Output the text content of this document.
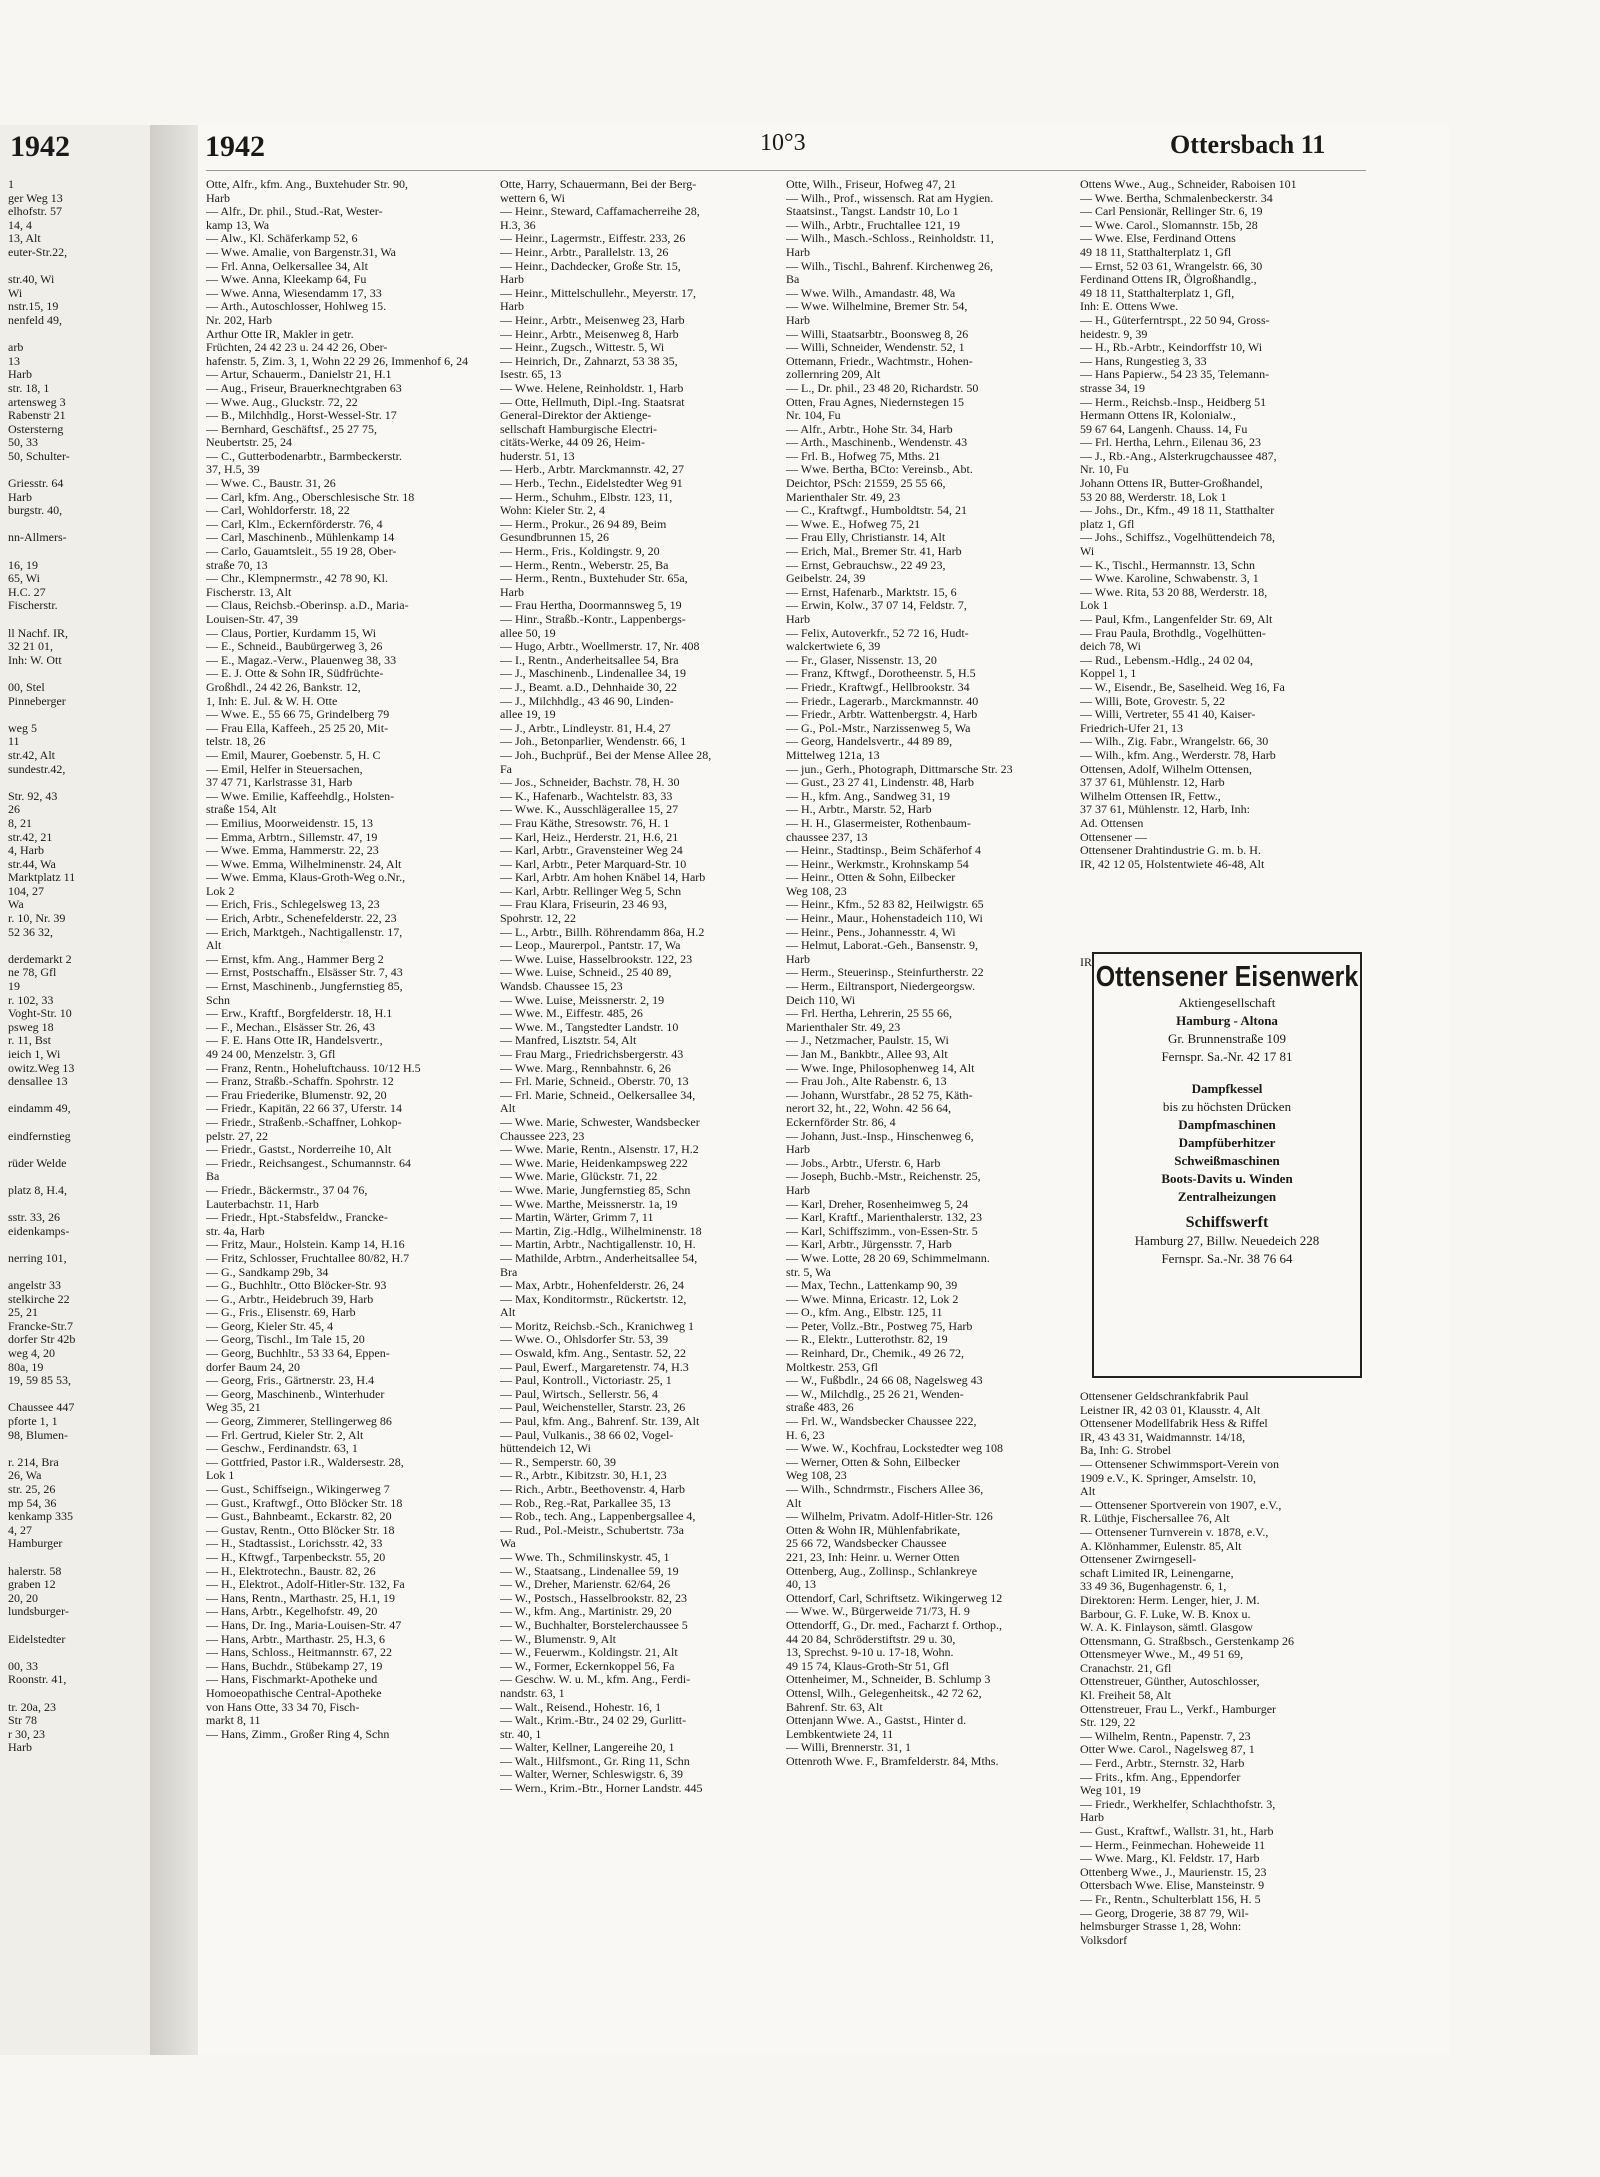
1942	1942	10°3	Ottersbach 11
1
ger Weg 13
elhofstr. 57
14, 4
13, Alt
euter-Str.22,

str.40, Wi
Wi
nstr.15, 19
nenfeld 49,

arb
13
Harb
str. 18, 1
artensweg 3
Rabenstr 21
Ostersterng
50, 33
50, Schulter-

Griesstr. 64
Harb
burgstr. 40,

nn-Allmers-

16, 19
65, Wi
H.C. 27
Fischerstr.

ll Nachf. IR,
32 21 01,
Inh: W. Ott

00, Stel
Pinneberger

weg 5
11
str.42, Alt
sundestr.42,

Str. 92, 43
26
8, 21
str.42, 21
4, Harb
str.44, Wa
Marktplatz 11
104, 27
Wa
r. 10, Nr. 39
52 36 32,

derdemarkt 2
ne 78, Gfl
19
r. 102, 33
Voght-Str. 10
psweg 18
r. 11, Bst
ieich 1, Wi
owitz.Weg 13
densallee 13

eindamm 49,

eindfernstieg

rüder Welde

platz 8, H.4,

sstr. 33, 26
eidenkamps-

nerring 101,

angelstr 33
stelkirche 22
25, 21
Francke-Str.7
dorfer Str 42b
weg 4, 20
80a, 19
19, 59 85 53,

Chaussee 447
pforte 1, 1
98, Blumen-

r. 214, Bra
26, Wa
str. 25, 26
mp 54, 36
kenkamp 335
4, 27
Hamburger

halerstr. 58
graben 12
20, 20
lundsburger-

Eidelstedter

00, 33
Roonstr. 41,

tr. 20a, 23
Str 78
r 30, 23
Harb
Otte, Alfr., kfm. Ang., Buxtehuder Str. 90,
Harb
— Alfr., Dr. phil., Stud.-Rat, Wester-
kamp 13, Wa
— Alw., Kl. Schäferkamp 52, 6
— Wwe. Amalie, von Bargenstr.31, Wa
— Frl. Anna, Oelkersallee 34, Alt
— Wwe. Anna, Kleekamp 64, Fu
— Wwe. Anna, Wiesendamm 17, 33
— Arth., Autoschlosser, Hohlweg 15.
Nr. 202, Harb
Arthur Otte IR, Makler in getr.
Früchten, 24 42 23 u. 24 42 26, Ober-
hafenstr. 5, Zim. 3, 1, Wohn 22 29 26, Immenhof 6, 24
— Artur, Schauerm., Danielstr 21, H.1
— Aug., Friseur, Brauerknechtgraben 63
— Wwe. Aug., Gluckstr. 72, 22
— B., Milchhdlg., Horst-Wessel-Str. 17
— Bernhard, Geschäftsf., 25 27 75,
Neubertstr. 25, 24
— C., Gutterbodenarbtr., Barmbeckerstr.
37, H.5, 39
— Wwe. C., Baustr. 31, 26
— Carl, kfm. Ang., Oberschlesische Str. 18
— Carl, Wohldorferstr. 18, 22
— Carl, Klm., Eckernförderstr. 76, 4
— Carl, Maschinenb., Mühlenkamp 14
— Carlo, Gauamtsleit., 55 19 28, Ober-
straße 70, 13
— Chr., Klempnermstr., 42 78 90, Kl.
Fischerstr. 13, Alt
— Claus, Reichsb.-Oberinsp. a.D., Maria-
Louisen-Str. 47, 39
— Claus, Portier, Kurdamm 15, Wi
— E., Schneid., Baubürgerweg 3, 26
— E., Magaz.-Verw., Plauenweg 38, 33
— E. J. Otte & Sohn IR, Südfrüchte-
Großhdl., 24 42 26, Bankstr. 12,
1, Inh: E. Jul. & W. H. Otte
— Wwe. E., 55 66 75, Grindelberg 79
— Frau Ella, Kaffeeh., 25 25 20, Mit-
telstr. 18, 26
— Emil, Maurer, Goebenstr. 5, H. C
— Emil, Helfer in Steuersachen,
37 47 71, Karlstrasse 31, Harb
— Wwe. Emilie, Kaffeehdlg., Holsten-
straße 154, Alt
— Emilius, Moorweidenstr. 15, 13
— Emma, Arbtrn., Sillemstr. 47, 19
— Wwe. Emma, Hammerstr. 22, 23
— Wwe. Emma, Wilhelminenstr. 24, Alt
— Wwe. Emma, Klaus-Groth-Weg o.Nr.,
Lok 2
— Erich, Fris., Schlegelsweg 13, 23
— Erich, Arbtr., Schenefelderstr. 22, 23
— Erich, Marktgeh., Nachtigallenstr. 17,
Alt
— Ernst, kfm. Ang., Hammer Berg 2
— Ernst, Postschaffn., Elsässer Str. 7, 43
— Ernst, Maschinenb., Jungfernstieg 85,
Schn
— Erw., Kraftf., Borgfelderstr. 18, H.1
— F., Mechan., Elsässer Str. 26, 43
— F. E. Hans Otte IR, Handelsvertr.,
49 24 00, Menzelstr. 3, Gfl
— Franz, Rentn., Hoheluftchauss. 10/12 H.5
— Franz, Straßb.-Schaffn. Spohrstr. 12
— Frau Friederike, Blumenstr. 92, 20
— Friedr., Kapitän, 22 66 37, Uferstr. 14
— Friedr., Straßenb.-Schaffner, Lohkop-
pelstr. 27, 22
— Friedr., Gastst., Norderreihe 10, Alt
— Friedr., Reichsangest., Schumannstr. 64
Ba
— Friedr., Bäckermstr., 37 04 76,
Lauterbachstr. 11, Harb
— Friedr., Hpt.-Stabsfeldw., Francke-
str. 4a, Harb
— Fritz, Maur., Holstein. Kamp 14, H.16
— Fritz, Schlosser, Fruchtallee 80/82, H.7
— G., Sandkamp 29b, 34
— G., Buchhltr., Otto Blöcker-Str. 93
— G., Arbtr., Heidebruch 39, Harb
— G., Fris., Elisenstr. 69, Harb
— Georg, Kieler Str. 45, 4
— Georg, Tischl., Im Tale 15, 20
— Georg, Buchhltr., 53 33 64, Eppen-
dorfer Baum 24, 20
— Georg, Fris., Gärtnerstr. 23, H.4
— Georg, Maschinenb., Winterhuder
Weg 35, 21
— Georg, Zimmerer, Stellingerweg 86
— Frl. Gertrud, Kieler Str. 2, Alt
— Geschw., Ferdinandstr. 63, 1
— Gottfried, Pastor i.R., Waldersestr. 28,
Lok 1
— Gust., Schiffseign., Wikingerweg 7
— Gust., Kraftwgf., Otto Blöcker Str. 18
— Gust., Bahnbeamt., Eckarstr. 82, 20
— Gustav, Rentn., Otto Blöcker Str. 18
— H., Stadtassist., Lorichsstr. 42, 33
— H., Kftwgf., Tarpenbeckstr. 55, 20
— H., Elektrotechn., Baustr. 82, 26
— H., Elektrot., Adolf-Hitler-Str. 132, Fa
— Hans, Rentn., Marthastr. 25, H.1, 19
— Hans, Arbtr., Kegelhofstr. 49, 20
— Hans, Dr. Ing., Maria-Louisen-Str. 47
— Hans, Arbtr., Marthastr. 25, H.3, 6
— Hans, Schloss., Heitmannstr. 67, 22
— Hans, Buchdr., Stübekamp 27, 19
— Hans, Fischmarkt-Apotheke und
Homoeopathische Central-Apotheke
von Hans Otte, 33 34 70, Fisch-
markt 8, 11
— Hans, Zimm., Großer Ring 4, Schn
Otte, Harry, Schauermann, Bei der Berg-
wettern 6, Wi
— Heinr., Steward, Caffamacherreihe 28,
H.3, 36
— Heinr., Lagermstr., Eiffestr. 233, 26
— Heinr., Arbtr., Parallelstr. 13, 26
— Heinr., Dachdecker, Große Str. 15,
Harb
— Heinr., Mittelschullehr., Meyerstr. 17,
Harb
— Heinr., Arbtr., Meisenweg 23, Harb
— Heinr., Arbtr., Meisenweg 8, Harb
— Heinr., Zugsch., Wittestr. 5, Wi
— Heinrich, Dr., Zahnarzt, 53 38 35,
Isestr. 65, 13
— Wwe. Helene, Reinholdstr. 1, Harb
— Otte, Hellmuth, Dipl.-Ing. Staatsrat
General-Direktor der Aktienge-
sellschaft Hamburgische Electri-
citäts-Werke, 44 09 26, Heim-
huderstr. 51, 13
— Herb., Arbtr. Marckmannstr. 42, 27
— Herb., Techn., Eidelstedter Weg 91
— Herm., Schuhm., Elbstr. 123, 11,
Wohn: Kieler Str. 2, 4
— Herm., Prokur., 26 94 89, Beim
Gesundbrunnen 15, 26
— Herm., Fris., Koldingstr. 9, 20
— Herm., Rentn., Weberstr. 25, Ba
— Herm., Rentn., Buxtehuder Str. 65a,
Harb
— Frau Hertha, Doormannsweg 5, 19
— Hinr., Straßb.-Kontr., Lappenbergs-
allee 50, 19
— Hugo, Arbtr., Woellmerstr. 17, Nr. 408
— I., Rentn., Anderheitsallee 54, Bra
— J., Maschinenb., Lindenallee 34, 19
— J., Beamt. a.D., Dehnhaide 30, 22
— J., Milchhdlg., 43 46 90, Linden-
allee 19, 19
— J., Arbtr., Lindleystr. 81, H.4, 27
— Joh., Betonparlier, Wendenstr. 66, 1
— Joh., Buchprüf., Bei der Mense Allee 28,
Fa
— Jos., Schneider, Bachstr. 78, H. 30
— K., Hafenarb., Wachtelstr. 83, 33
— Wwe. K., Ausschlägerallee 15, 27
— Frau Käthe, Stresowstr. 76, H. 1
— Karl, Heiz., Herderstr. 21, H.6, 21
— Karl, Arbtr., Gravensteiner Weg 24
— Karl, Arbtr., Peter Marquard-Str. 10
— Karl, Arbtr. Am hohen Knäbel 14, Harb
— Karl, Arbtr. Rellinger Weg 5, Schn
— Frau Klara, Friseurin, 23 46 93,
Spohrstr. 12, 22
— L., Arbtr., Billh. Röhrendamm 86a, H.2
— Leop., Maurerpol., Pantstr. 17, Wa
— Wwe. Luise, Hasselbrookstr. 122, 23
— Wwe. Luise, Schneid., 25 40 89,
Wandsb. Chaussee 15, 23
— Wwe. Luise, Meissnerstr. 2, 19
— Wwe. M., Eiffestr. 485, 26
— Wwe. M., Tangstedter Landstr. 10
— Manfred, Lisztstr. 54, Alt
— Frau Marg., Friedrichsbergerstr. 43
— Wwe. Marg., Rennbahnstr. 6, 26
— Frl. Marie, Schneid., Oberstr. 70, 13
— Frl. Marie, Schneid., Oelkersallee 34,
Alt
— Wwe. Marie, Schwester, Wandsbecker
Chaussee 223, 23
— Wwe. Marie, Rentn., Alsenstr. 17, H.2
— Wwe. Marie, Heidenkampsweg 222
— Wwe. Marie, Glückstr. 71, 22
— Wwe. Marie, Jungfernstieg 85, Schn
— Wwe. Marthe, Meissnerstr. 1a, 19
— Martin, Wärter, Grimm 7, 11
— Martin, Zig.-Hdlg., Wilhelminenstr. 18
— Martin, Arbtr., Nachtigallenstr. 10, H.
— Mathilde, Arbtrn., Anderheitsallee 54,
Bra
— Max, Arbtr., Hohenfelderstr. 26, 24
— Max, Konditormstr., Rückertstr. 12,
Alt
— Moritz, Reichsb.-Sch., Kranichweg 1
— Wwe. O., Ohlsdorfer Str. 53, 39
— Oswald, kfm. Ang., Sentastr. 52, 22
— Paul, Ewerf., Margaretenstr. 74, H.3
— Paul, Kontroll., Victoriastr. 25, 1
— Paul, Wirtsch., Sellerstr. 56, 4
— Paul, Weichensteller, Starstr. 23, 26
— Paul, kfm. Ang., Bahrenf. Str. 139, Alt
— Paul, Vulkanis., 38 66 02, Vogel-
hüttendeich 12, Wi
— R., Semperstr. 60, 39
— R., Arbtr., Kibitzstr. 30, H.1, 23
— Rich., Arbtr., Beethovenstr. 4, Harb
— Rob., Reg.-Rat, Parkallee 35, 13
— Rob., tech. Ang., Lappenbergsallee 4,
— Rud., Pol.-Meistr., Schubertstr. 73a
Wa
— Wwe. Th., Schmilinskystr. 45, 1
— W., Staatsang., Lindenallee 59, 19
— W., Dreher, Marienstr. 62/64, 26
— W., Postsch., Hasselbrookstr. 82, 23
— W., kfm. Ang., Martinistr. 29, 20
— W., Buchhalter, Borstelerchaussee 5
— W., Blumenstr. 9, Alt
— W., Feuerwm., Koldingstr. 21, Alt
— W., Former, Eckernkoppel 56, Fa
— Geschw. W. u. M., kfm. Ang., Ferdi-
nandstr. 63, 1
— Walt., Reisend., Hohestr. 16, 1
— Walt., Krim.-Btr., 24 02 29, Gurlitt-
str. 40, 1
— Walter, Kellner, Langereihe 20, 1
— Walt., Hilfsmont., Gr. Ring 11, Schn
— Walter, Werner, Schleswigstr. 6, 39
— Wern., Krim.-Btr., Horner Landstr. 445
Otte, Wilh., Friseur, Hofweg 47, 21
— Wilh., Prof., wissensch. Rat am Hygien.
Staatsinst., Tangst. Landstr 10, Lo 1
— Wilh., Arbtr., Fruchtallee 121, 19
— Wilh., Masch.-Schloss., Reinholdstr. 11,
Harb
— Wilh., Tischl., Bahrenf. Kirchenweg 26,
Ba
— Wwe. Wilh., Amandastr. 48, Wa
— Wwe. Wilhelmine, Bremer Str. 54,
Harb
— Willi, Staatsarbtr., Boonsweg 8, 26
— Willi, Schneider, Wendenstr. 52, 1
Ottemann, Friedr., Wachtmstr., Hohen-
zollernring 209, Alt
— L., Dr. phil., 23 48 20, Richardstr. 50
Otten, Frau Agnes, Niedernstegen 15
Nr. 104, Fu
— Alfr., Arbtr., Hohe Str. 34, Harb
— Arth., Maschinenb., Wendenstr. 43
— Frl. B., Hofweg 75, Mths. 21
— Wwe. Bertha, BCto: Vereinsb., Abt.
Deichtor, PSch: 21559, 25 55 66,
Marienthaler Str. 49, 23
— C., Kraftwgf., Humboldtstr. 54, 21
— Wwe. E., Hofweg 75, 21
— Frau Elly, Christianstr. 14, Alt
— Erich, Mal., Bremer Str. 41, Harb
— Ernst, Gebrauchsw., 22 49 23,
Geibelstr. 24, 39
— Ernst, Hafenarb., Marktstr. 15, 6
— Erwin, Kolw., 37 07 14, Feldstr. 7,
Harb
— Felix, Autoverkfr., 52 72 16, Hudt-
walckertwiete 6, 39
— Fr., Glaser, Nissenstr. 13, 20
— Franz, Kftwgf., Dorotheenstr. 5, H.5
— Friedr., Kraftwgf., Hellbrookstr. 34
— Friedr., Lagerarb., Marckmannstr. 40
— Friedr., Arbtr. Wattenbergstr. 4, Harb
— G., Pol.-Mstr., Narzissenweg 5, Wa
— Georg, Handelsvertr., 44 89 89,
Mittelweg 121a, 13
— jun., Gerh., Photograph, Dittmarsche Str. 23
— Gust., 23 27 41, Lindenstr. 48, Harb
— H., kfm. Ang., Sandweg 31, 19
— H., Arbtr., Marstr. 52, Harb
— H. H., Glasermeister, Rothenbaum-
chaussee 237, 13
— Heinr., Stadtinsp., Beim Schäferhof 4
— Heinr., Werkmstr., Krohnskamp 54
— Heinr., Otten & Sohn, Eilbecker
Weg 108, 23
— Heinr., Kfm., 52 83 82, Heilwigstr. 65
— Heinr., Maur., Hohenstadeich 110, Wi
— Heinr., Pens., Johannesstr. 4, Wi
— Helmut, Laborat.-Geh., Bansenstr. 9,
Harb
— Herm., Steuerinsp., Steinfurtherstr. 22
— Herm., Eiltransport, Niedergeorgsw.
Deich 110, Wi
— Frl. Hertha, Lehrerin, 25 55 66,
Marienthaler Str. 49, 23
— J., Netzmacher, Paulstr. 15, Wi
— Jan M., Bankbtr., Allee 93, Alt
— Wwe. Inge, Philosophenweg 14, Alt
— Frau Joh., Alte Rabenstr. 6, 13
— Johann, Wurstfabr., 28 52 75, Käth-
nerort 32, ht., 22, Wohn. 42 56 64,
Eckernförder Str. 86, 4
— Johann, Just.-Insp., Hinschenweg 6,
Harb
— Jobs., Arbtr., Uferstr. 6, Harb
— Joseph, Buchb.-Mstr., Reichenstr. 25,
Harb
— Karl, Dreher, Rosenheimweg 5, 24
— Karl, Kraftf., Marienthalerstr. 132, 23
— Karl, Schiffszimm., von-Essen-Str. 5
— Karl, Arbtr., Jürgensstr. 7, Harb
— Wwe. Lotte, 28 20 69, Schimmelmann.
str. 5, Wa
— Max, Techn., Lattenkamp 90, 39
— Wwe. Minna, Ericastr. 12, Lok 2
— O., kfm. Ang., Elbstr. 125, 11
— Peter, Vollz.-Btr., Postweg 75, Harb
— R., Elektr., Lutterothstr. 82, 19
— Reinhard, Dr., Chemik., 49 26 72,
Moltkestr. 253, Gfl
— W., Fußbdlr., 24 66 08, Nagelsweg 43
— W., Milchdlg., 25 26 21, Wenden-
straße 483, 26
— Frl. W., Wandsbecker Chaussee 222,
H. 6, 23
— Wwe. W., Kochfrau, Lockstedter weg 108
— Werner, Otten & Sohn, Eilbecker
Weg 108, 23
— Wilh., Schndrmstr., Fischers Allee 36,
Alt
— Wilhelm, Privatm. Adolf-Hitler-Str. 126
Otten & Wohn IR, Mühlenfabrikate,
25 66 72, Wandsbecker Chaussee
221, 23, Inh: Heinr. u. Werner Otten
Ottenberg, Aug., Zollinsp., Schlankreye
40, 13
Ottendorf, Carl, Schriftsetz. Wikingerweg 12
— Wwe. W., Bürgerweide 71/73, H. 9
Ottendorff, G., Dr. med., Facharzt f. Orthop.,
44 20 84, Schröderstiftstr. 29 u. 30,
13, Sprechst. 9-10 u. 17-18, Wohn.
49 15 74, Klaus-Groth-Str 51, Gfl
Ottenheimer, M., Schneider, B. Schlump 3
Ottensl, Wilh., Gelegenheitsk., 42 72 62,
Bahrenf. Str. 63, Alt
Ottenjann Wwe. A., Gastst., Hinter d.
Lembkentwiete 24, 11
— Willi, Brennerstr. 31, 1
Ottenroth Wwe. F., Bramfelderstr. 84, Mths.
Ottens Wwe., Aug., Schneider, Raboisen 101
— Wwe. Bertha, Schmalenbeckerstr. 34
— Carl Pensionär, Rellinger Str. 6, 19
— Wwe. Carol., Slomannstr. 15b, 28
— Wwe. Else, Ferdinand Ottens
49 18 11, Statthalterplatz 1, Gfl
— Ernst, 52 03 61, Wrangelstr. 66, 30
Ferdinand Ottens IR, Ölgroßhandlg.,
49 18 11, Statthalterplatz 1, Gfl,
Inh: E. Ottens Wwe.
— H., Güterferntrspt., 22 50 94, Gross-
heidestr. 9, 39
— H., Rb.-Arbtr., Keindorffstr 10, Wi
— Hans, Rungestieg 3, 33
— Hans Papierw., 54 23 35, Telemann-
strasse 34, 19
— Herm., Reichsb.-Insp., Heidberg 51
Hermann Ottens IR, Kolonialw.,
59 67 64, Langenh. Chauss. 14, Fu
— Frl. Hertha, Lehrn., Eilenau 36, 23
— J., Rb.-Ang., Alsterkrugchaussee 487,
Nr. 10, Fu
Johann Ottens IR, Butter-Großhandel,
53 20 88, Werderstr. 18, Lok 1
— Johs., Dr., Kfm., 49 18 11, Statthalter
platz 1, Gfl
— Johs., Schiffsz., Vogelhüttendeich 78,
Wi
— K., Tischl., Hermannstr. 13, Schn
— Wwe. Karoline, Schwabenstr. 3, 1
— Wwe. Rita, 53 20 88, Werderstr. 18,
Lok 1
— Paul, Kfm., Langenfelder Str. 69, Alt
— Frau Paula, Brothdlg., Vogelhütten-
deich 78, Wi
— Rud., Lebensm.-Hdlg., 24 02 04,
Koppel 1, 1
— W., Eisendr., Be, Saselheid. Weg 16, Fa
— Willi, Bote, Grovestr. 5, 22
— Willi, Vertreter, 55 41 40, Kaiser-
Friedrich-Ufer 21, 13
— Wilh., Zig. Fabr., Wrangelstr. 66, 30
— Wilh., kfm. Ang., Werderstr. 78, Harb
Ottensen, Adolf, Wilhelm Ottensen,
37 37 61, Mühlenstr. 12, Harb
Wilhelm Ottensen IR, Fettw.,
37 37 61, Mühlenstr. 12, Harb, Inh:
Ad. Ottensen
Ottensener —
Ottensener Drahtindustrie G. m. b. H.
IR, 42 12 05, Holstentwiete 46-48, Alt
IR Ottensener Eisenwerk
Aktiengesellschaft
Hamburg - Altona
Gr. Brunnenstraße 109
Fernspr. Sa.-Nr. 42 17 81
Dampfkessel
bis zu höchsten Drücken
Dampfmaschinen
Dampfüberhitzer
Schweißmaschinen
Boots-Davits u. Winden
Zentralheizungen
Schiffswerft
Hamburg 27, Billw. Neuedeich 228
Fernspr. Sa.-Nr. 38 76 64
Ottensener Geldschrankfabrik Paul
Leistner IR, 42 03 01, Klausstr. 4, Alt
Ottensener Modellfabrik Hess & Riffel
IR, 43 43 31, Waidmannstr. 14/18,
Ba, Inh: G. Strobel
— Ottensener Schwimmsport-Verein von
1909 e.V., K. Springer, Amselstr. 10,
Alt
— Ottensener Sportverein von 1907, e.V.,
R. Lüthje, Fischersallee 76, Alt
— Ottensener Turnverein v. 1878, e.V.,
A. Klönhammer, Eulenstr. 85, Alt
Ottensener Zwirngesell-
schaft Limited IR, Leinengarne,
33 49 36, Bugenhagenstr. 6, 1,
Direktoren: Herm. Lenger, hier, J. M.
Barbour, G. F. Luke, W. B. Knox u.
W. A. K. Finlayson, sämtl. Glasgow
Ottensmann, G. Straßbsch., Gerstenkamp 26
Ottensmeyer Wwe., M., 49 51 69,
Cranachstr. 21, Gfl
Ottenstreuer, Günther, Autoschlosser,
Kl. Freiheit 58, Alt
Ottenstreuer, Frau L., Verkf., Hamburger
Str. 129, 22
— Wilhelm, Rentn., Papenstr. 7, 23
Otter Wwe. Carol., Nagelsweg 87, 1
— Ferd., Arbtr., Sternstr. 32, Harb
— Frits., kfm. Ang., Eppendorfer
Weg 101, 19
— Friedr., Werkhelfer, Schlachthofstr. 3,
Harb
— Gust., Kraftwf., Wallstr. 31, ht., Harb
— Herm., Feinmechan. Hoheweide 11
— Wwe. Marg., Kl. Feldstr. 17, Harb
Ottenberg Wwe., J., Maurienstr. 15, 23
Ottersbach Wwe. Elise, Mansteinstr. 9
— Fr., Rentn., Schulterblatt 156, H. 5
— Georg, Drogerie, 38 87 79, Wil-
helmsburger Strasse 1, 28, Wohn:
Volksdorf
